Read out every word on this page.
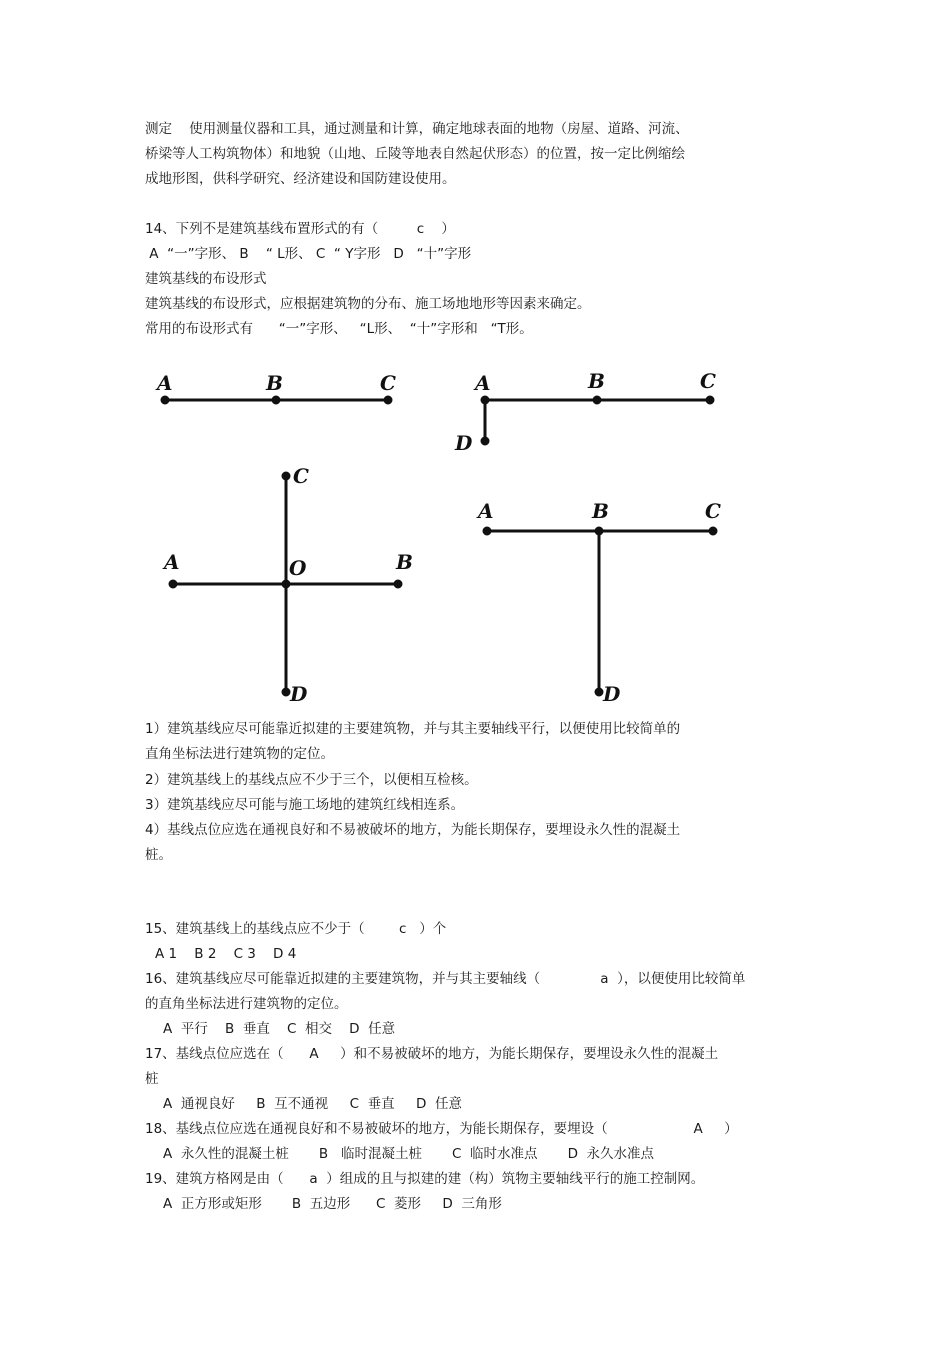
测定    使用测量仪器和工具，通过测量和计算，确定地球表面的地物（房屋、道路、河流、
桥梁等人工构筑物体）和地貌（山地、丘陵等地表自然起伏形态）的位置，按一定比例缩绘
成地形图，供科学研究、经济建设和国防建设使用。
14、下列不是建筑基线布置形式的有（         c    ）
A  “一”字形、 B    “ L形、 C  “ Y字形   D   “十”字形
建筑基线的布设形式
建筑基线的布设形式，应根据建筑物的分布、施工场地地形等因素来确定。
常用的布设形式有      “一”字形、   “L形、  “十”字形和   “T形。
A	B	C	A	B	C
D
C
A	O	B
D
A	B	C
D
1）建筑基线应尽可能靠近拟建的主要建筑物，并与其主要轴线平行，以便使用比较简单的
直角坐标法进行建筑物的定位。
2）建筑基线上的基线点应不少于三个，以便相互检核。
3）建筑基线应尽可能与施工场地的建筑红线相连系。
4）基线点位应选在通视良好和不易被破坏的地方，为能长期保存，要埋设永久性的混凝土
桩。
15、建筑基线上的基线点应不少于（        c   ）个
A 1    B 2    C 3    D 4
16、建筑基线应尽可能靠近拟建的主要建筑物，并与其主要轴线（              a  ），以便使用比较简单
的直角坐标法进行建筑物的定位。
A  平行    B  垂直    C  相交    D  任意
17、基线点位应选在（      A     ）和不易被破坏的地方，为能长期保存，要埋设永久性的混凝土
桩
A  通视良好     B  互不通视     C  垂直     D  任意
18、基线点位应选在通视良好和不易被破坏的地方，为能长期保存，要埋设（                    A     ）
A  永久性的混凝土桩       B   临时混凝土桩       C  临时水准点       D  永久水准点
19、建筑方格网是由（      a  ）组成的且与拟建的建（构）筑物主要轴线平行的施工控制网。
A  正方形或矩形       B  五边形      C  菱形     D  三角形
